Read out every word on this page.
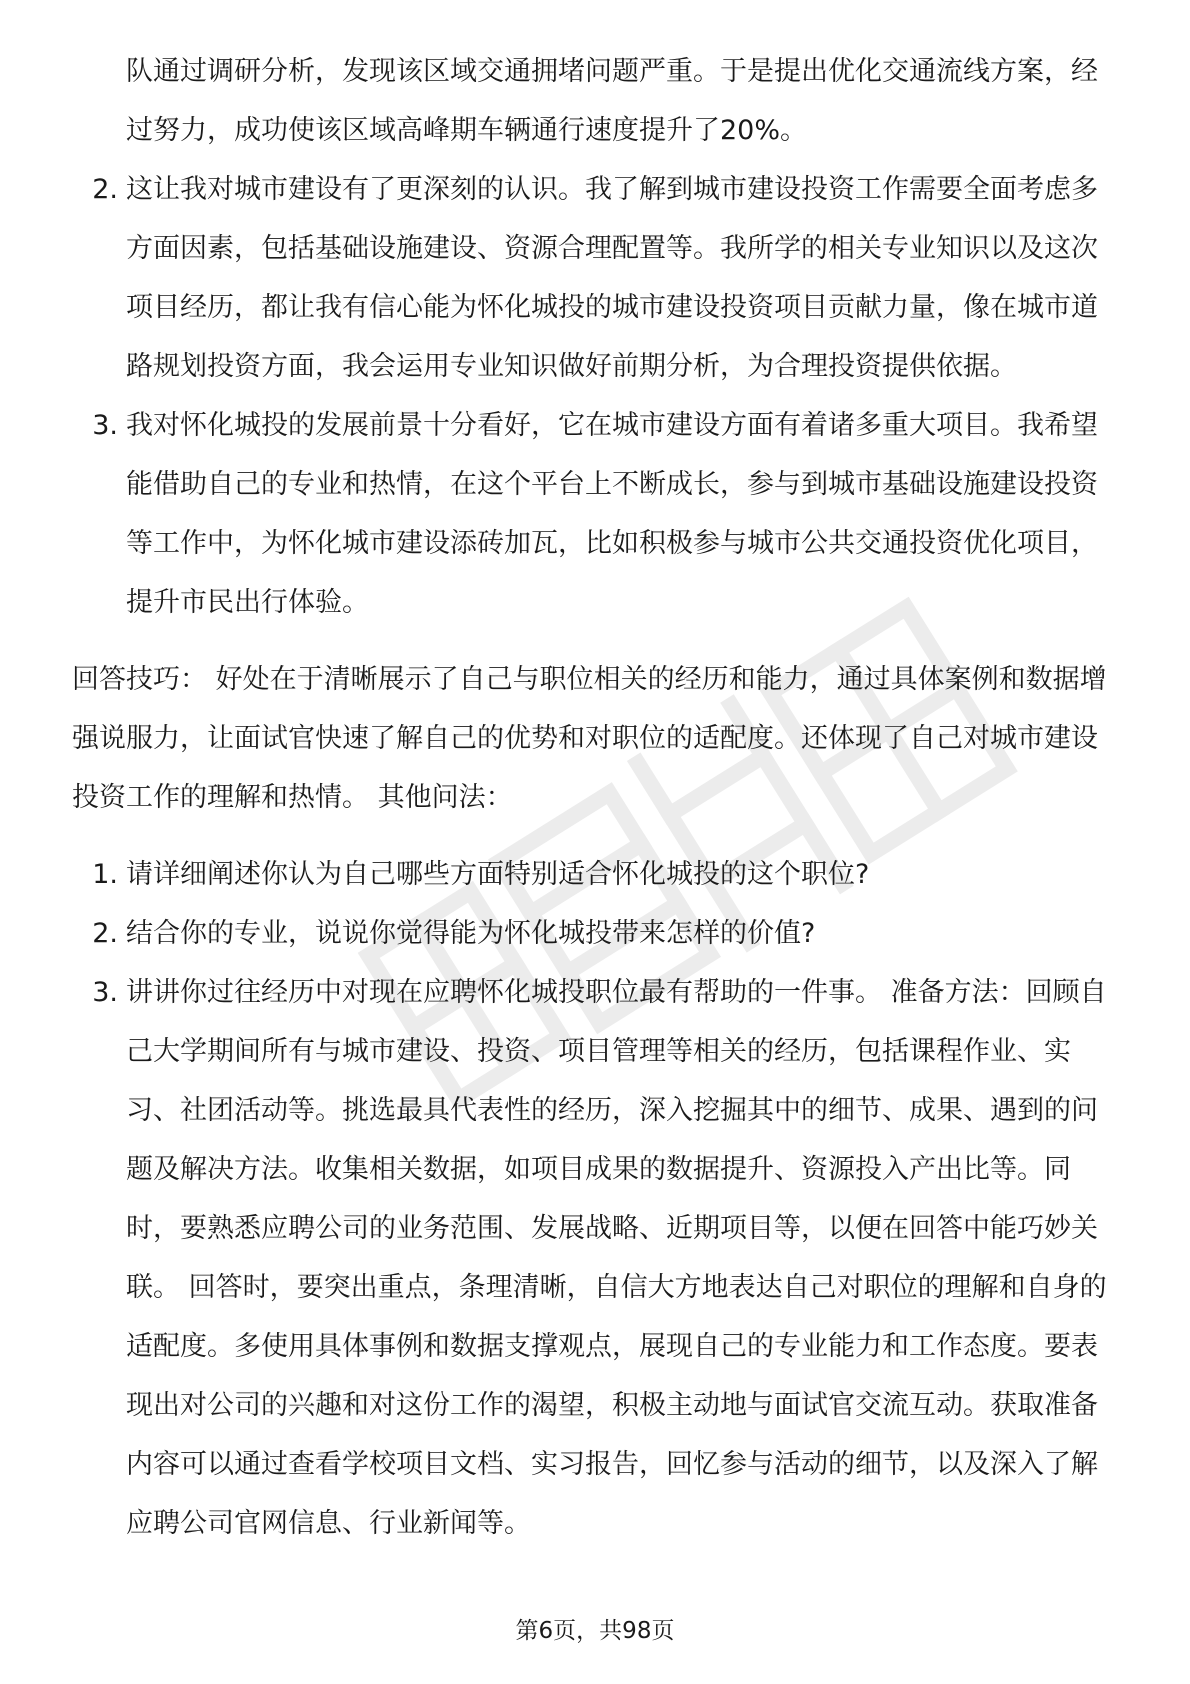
队通过调研分析，发现该区域交通拥堵问题严重。于是提出优化交通流线方案，经过努力，成功使该区域高峰期车辆通行速度提升了20%。
2. 这让我对城市建设有了更深刻的认识。我了解到城市建设投资工作需要全面考虑多方面因素，包括基础设施建设、资源合理配置等。我所学的相关专业知识以及这次项目经历，都让我有信心能为怀化城投的城市建设投资项目贡献力量，像在城市道路规划投资方面，我会运用专业知识做好前期分析，为合理投资提供依据。
3. 我对怀化城投的发展前景十分看好，它在城市建设方面有着诸多重大项目。我希望能借助自己的专业和热情，在这个平台上不断成长，参与到城市基础设施建设投资等工作中，为怀化城市建设添砖加瓦，比如积极参与城市公共交通投资优化项目，提升市民出行体验。
回答技巧： 好处在于清晰展示了自己与职位相关的经历和能力，通过具体案例和数据增强说服力，让面试官快速了解自己的优势和对职位的适配度。还体现了自己对城市建设投资工作的理解和热情。 其他问法：
1. 请详细阐述你认为自己哪些方面特别适合怀化城投的这个职位?
2. 结合你的专业，说说你觉得能为怀化城投带来怎样的价值?
3. 讲讲你过往经历中对现在应聘怀化城投职位最有帮助的一件事。 准备方法：回顾自己大学期间所有与城市建设、投资、项目管理等相关的经历，包括课程作业、实习、社团活动等。挑选最具代表性的经历，深入挖掘其中的细节、成果、遇到的问题及解决方法。收集相关数据，如项目成果的数据提升、资源投入产出比等。同时，要熟悉应聘公司的业务范围、发展战略、近期项目等，以便在回答中能巧妙关联。 回答时，要突出重点，条理清晰，自信大方地表达自己对职位的理解和自身的适配度。多使用具体事例和数据支撑观点，展现自己的专业能力和工作态度。要表现出对公司的兴趣和对这份工作的渴望，积极主动地与面试官交流互动。获取准备内容可以通过查看学校项目文档、实习报告，回忆参与活动的细节，以及深入了解应聘公司官网信息、行业新闻等。
第6页，共98页
